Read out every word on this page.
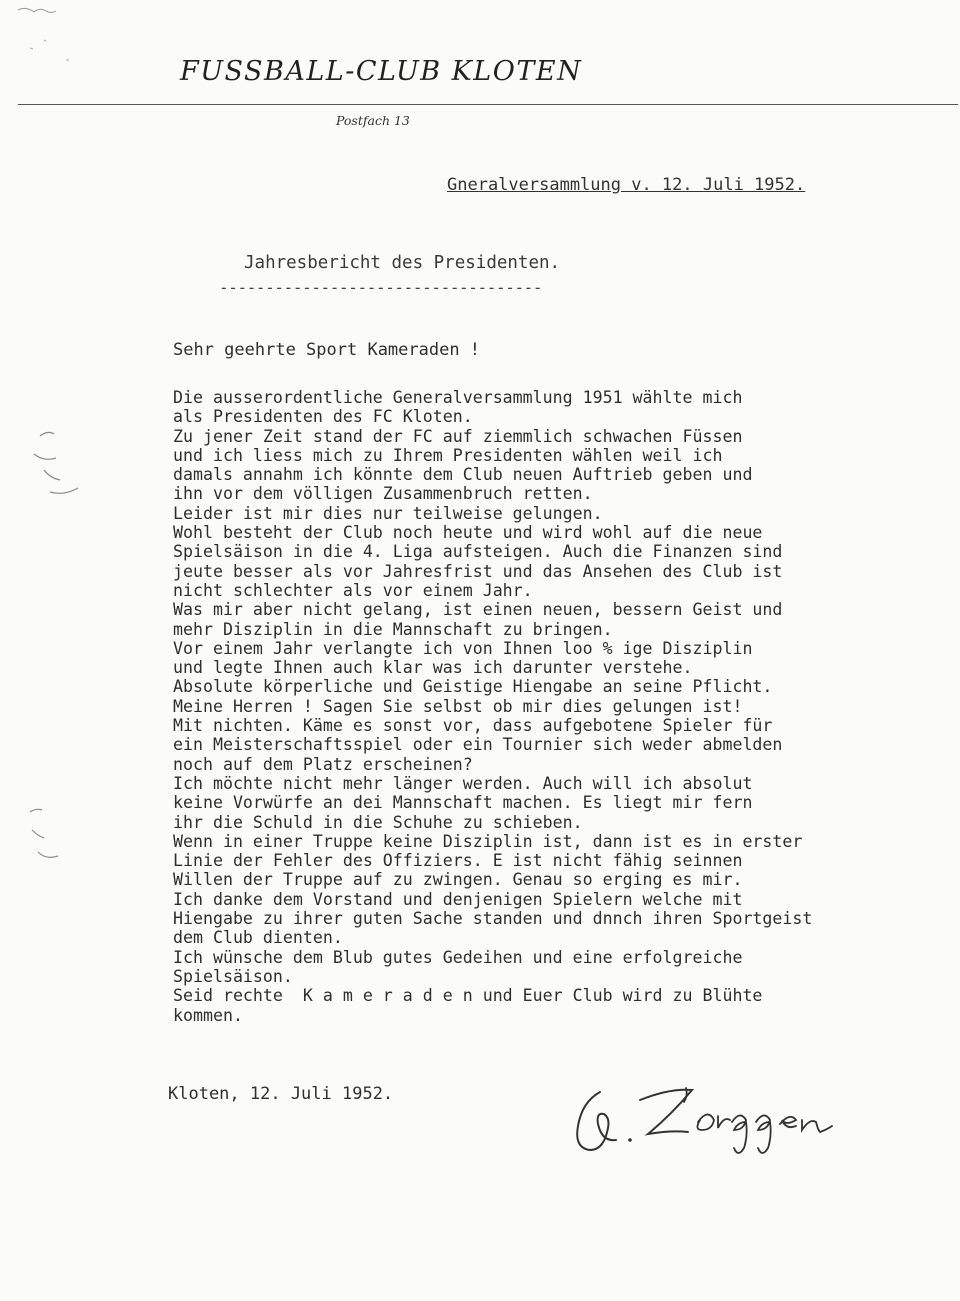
FUSSBALL-CLUB KLOTEN
Postfach 13
Gneralversammlung v. 12. Juli 1952.
Jahresbericht des Presidenten.
-----------------------------------
Sehr geehrte Sport Kameraden !
Die ausserordentliche Generalversammlung 1951 wählte mich
als Presidenten des FC Kloten.
Zu jener Zeit stand der FC auf ziemmlich schwachen Füssen
und ich liess mich zu Ihrem Presidenten wählen weil ich
damals annahm ich könnte dem Club neuen Auftrieb geben und
ihn vor dem völligen Zusammenbruch retten.
Leider ist mir dies nur teilweise gelungen.
Wohl besteht der Club noch heute und wird wohl auf die neue
Spielsäison in die 4. Liga aufsteigen. Auch die Finanzen sind
jeute besser als vor Jahresfrist und das Ansehen des Club ist
nicht schlechter als vor einem Jahr.
Was mir aber nicht gelang, ist einen neuen, bessern Geist und
mehr Disziplin in die Mannschaft zu bringen.
Vor einem Jahr verlangte ich von Ihnen loo % ige Disziplin
und legte Ihnen auch klar was ich darunter verstehe.
Absolute körperliche und Geistige Hiengabe an seine Pflicht.
Meine Herren ! Sagen Sie selbst ob mir dies gelungen ist!
Mit nichten. Käme es sonst vor, dass aufgebotene Spieler für
ein Meisterschaftsspiel oder ein Tournier sich weder abmelden
noch auf dem Platz erscheinen?
Ich möchte nicht mehr länger werden. Auch will ich absolut
keine Vorwürfe an dei Mannschaft machen. Es liegt mir fern
ihr die Schuld in die Schuhe zu schieben.
Wenn in einer Truppe keine Disziplin ist, dann ist es in erster
Linie der Fehler des Offiziers. E ist nicht fähig seinnen
Willen der Truppe auf zu zwingen. Genau so erging es mir.
Ich danke dem Vorstand und denjenigen Spielern welche mit
Hiengabe zu ihrer guten Sache standen und dnnch ihren Sportgeist
dem Club dienten.
Ich wünsche dem Blub gutes Gedeihen und eine erfolgreiche
Spielsäison.
Seid rechte  K a m e r a d e n und Euer Club wird zu Blühte
kommen.
Kloten, 12. Juli 1952.
